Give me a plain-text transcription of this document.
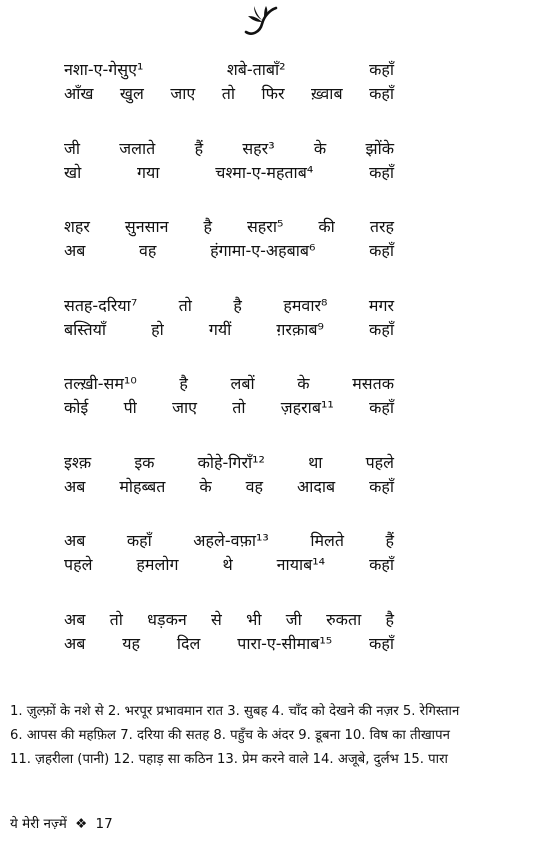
नशा-ए-गेसुए¹ शबे-ताबाँ² कहाँ
आँख खुल जाए तो फिर ख़्वाब कहाँ
जी जलाते हैं सहर³ के झोंके
खो गया चश्मा-ए-महताब⁴ कहाँ
शहर सुनसान है सहरा⁵ की तरह
अब वह हंगामा-ए-अहबाब⁶ कहाँ
सतह-दरिया⁷ तो है हमवार⁸ मगर
बस्तियाँ हो गयीं ग़रक़ाब⁹ कहाँ
तल्ख़ी-सम¹⁰ है लबों के मसतक
कोई पी जाए तो ज़हराब¹¹ कहाँ
इश्क़ इक कोहे-गिराँ¹² था पहले
अब मोहब्बत के वह आदाब कहाँ
अब कहाँ अहले-वफ़ा¹³ मिलते हैं
पहले हमलोग थे नायाब¹⁴ कहाँ
अब तो धड़कन से भी जी रुकता है
अब यह दिल पारा-ए-सीमाब¹⁵ कहाँ
1. ज़ुल्फ़ों के नशे से 2. भरपूर प्रभावमान रात 3. सुबह 4. चाँद को देखने की नज़र 5. रेगिस्तान
6. आपस की महफ़िल 7. दरिया की सतह 8. पहुँच के अंदर 9. डूबना 10. विष का तीखापन
11. ज़हरीला (पानी) 12. पहाड़ सा कठिन 13. प्रेम करने वाले 14. अजूबे, दुर्लभ 15. पारा
ये मेरी नज़्में ❖ 17
